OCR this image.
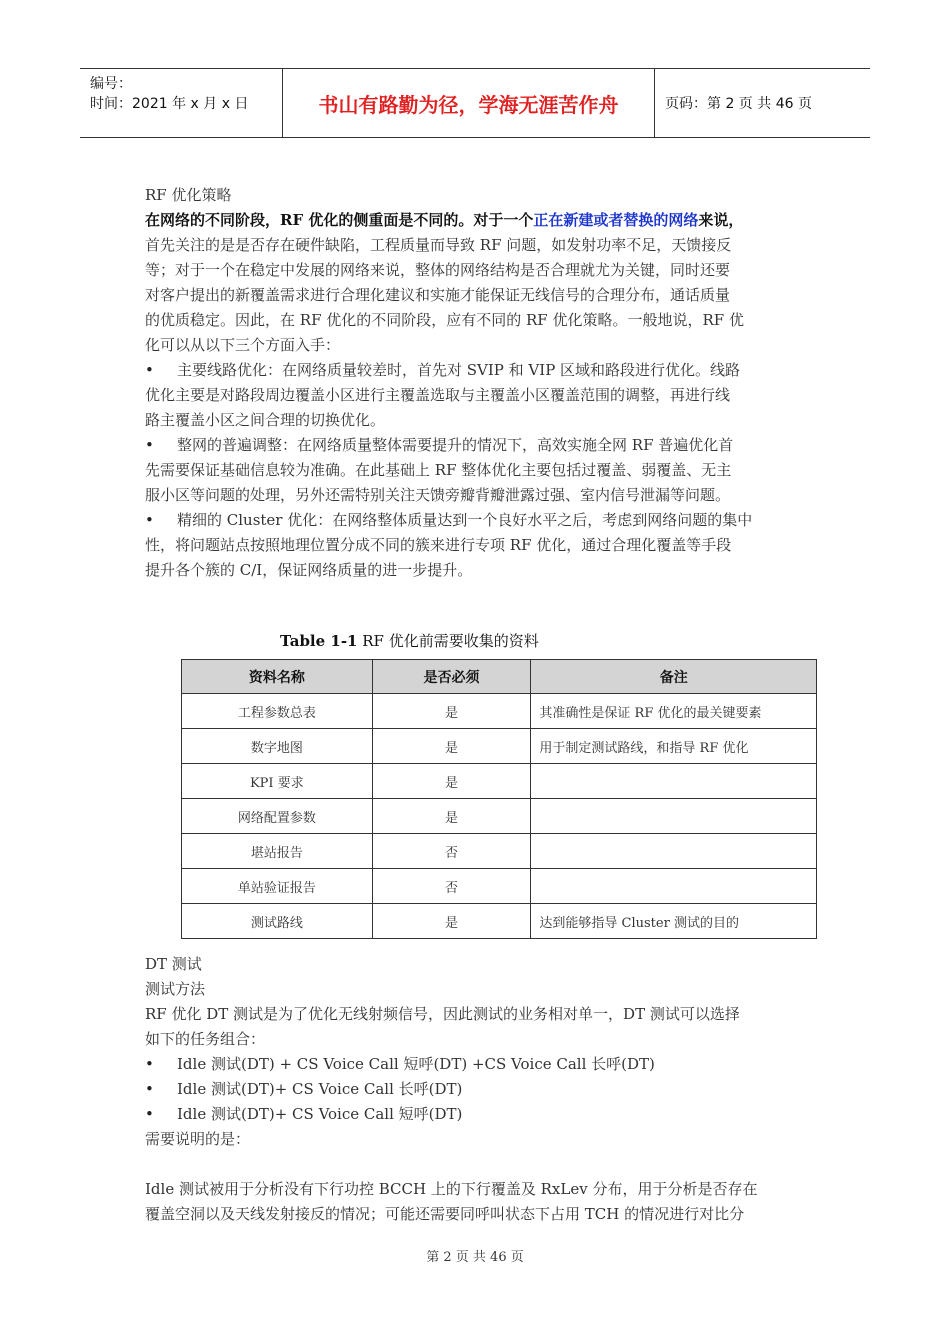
编号：
时间：2021 年 x 月 x 日	书山有路勤为径，学海无涯苦作舟	页码：第 2 页 共 46 页
RF 优化策略
在网络的不同阶段，RF 优化的侧重面是不同的。对于一个正在新建或者替换的网络来说，
首先关注的是是否存在硬件缺陷，工程质量而导致 RF 问题，如发射功率不足，天馈接反
等；对于一个在稳定中发展的网络来说，整体的网络结构是否合理就尤为关键，同时还要
对客户提出的新覆盖需求进行合理化建议和实施才能保证无线信号的合理分布，通话质量
的优质稳定。因此，在 RF 优化的不同阶段，应有不同的 RF 优化策略。一般地说，RF 优
化可以从以下三个方面入手：
• 主要线路优化：在网络质量较差时，首先对 SVIP 和 VIP 区域和路段进行优化。线路
优化主要是对路段周边覆盖小区进行主覆盖选取与主覆盖小区覆盖范围的调整，再进行线
路主覆盖小区之间合理的切换优化。
• 整网的普遍调整：在网络质量整体需要提升的情况下，高效实施全网 RF 普遍优化首
先需要保证基础信息较为准确。在此基础上 RF 整体优化主要包括过覆盖、弱覆盖、无主
服小区等问题的处理，另外还需特别关注天馈旁瓣背瓣泄露过强、室内信号泄漏等问题。
• 精细的 Cluster 优化：在网络整体质量达到一个良好水平之后，考虑到网络问题的集中
性，将问题站点按照地理位置分成不同的簇来进行专项 RF 优化，通过合理化覆盖等手段
提升各个簇的 C/I，保证网络质量的进一步提升。
Table 1-1 RF 优化前需要收集的资料
资料名称	是否必须	备注
工程参数总表	是	其准确性是保证 RF 优化的最关键要素
数字地图	是	用于制定测试路线，和指导 RF 优化
KPI 要求	是	
网络配置参数	是	
堪站报告	否	
单站验证报告	否	
测试路线	是	达到能够指导 Cluster 测试的目的
DT 测试
测试方法
RF 优化 DT 测试是为了优化无线射频信号，因此测试的业务相对单一，DT 测试可以选择
如下的任务组合：
• Idle 测试(DT) + CS Voice Call 短呼(DT) +CS Voice Call 长呼(DT)
• Idle 测试(DT)+ CS Voice Call 长呼(DT)
• Idle 测试(DT)+ CS Voice Call 短呼(DT)
需要说明的是：
Idle 测试被用于分析没有下行功控 BCCH 上的下行覆盖及 RxLev 分布，用于分析是否存在
覆盖空洞以及天线发射接反的情况；可能还需要同呼叫状态下占用 TCH 的情况进行对比分
第 2 页 共 46 页
